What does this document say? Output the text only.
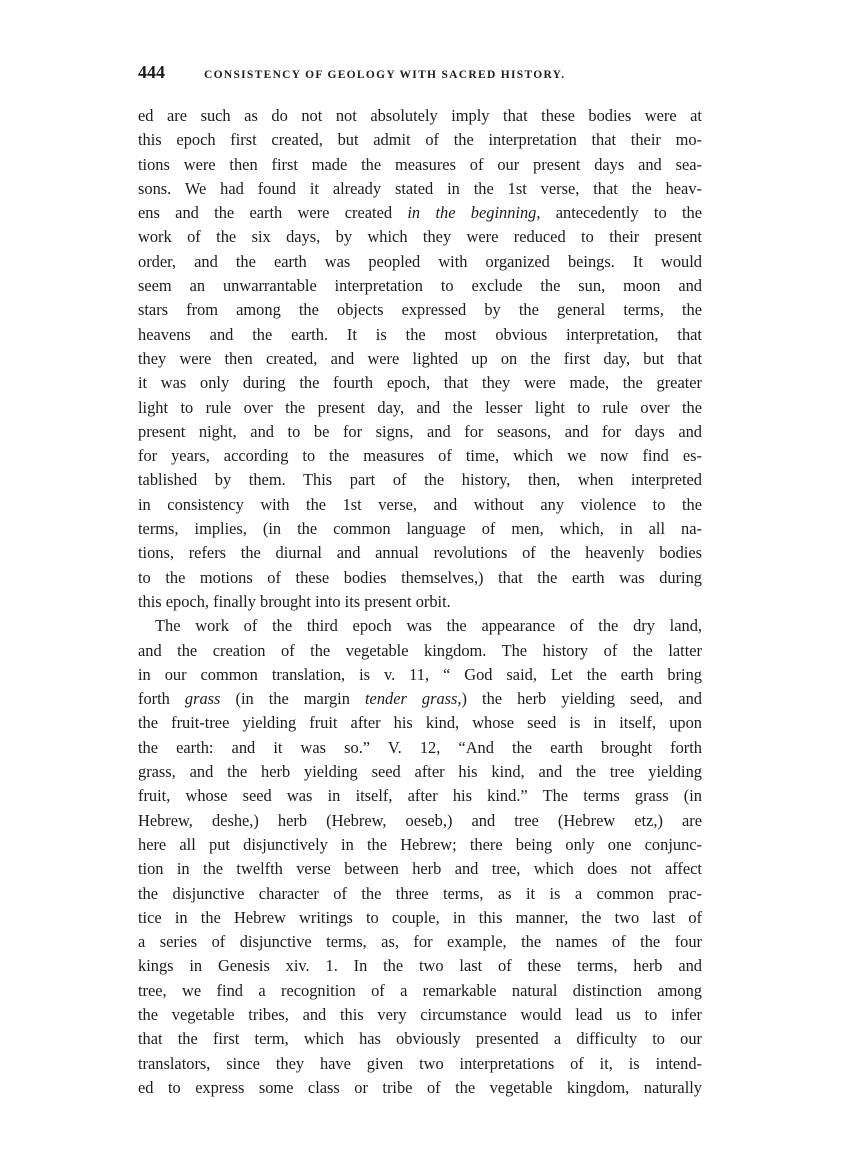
444	CONSISTENCY OF GEOLOGY WITH SACRED HISTORY.
ed are such as do not not absolutely imply that these bodies were at
this epoch first created, but admit of the interpretation that their mo-
tions were then first made the measures of our present days and sea-
sons. We had found it already stated in the 1st verse, that the heav-
ens and the earth were created in the beginning, antecedently to the
work of the six days, by which they were reduced to their present
order, and the earth was peopled with organized beings. It would
seem an unwarrantable interpretation to exclude the sun, moon and
stars from among the objects expressed by the general terms, the
heavens and the earth. It is the most obvious interpretation, that
they were then created, and were lighted up on the first day, but that
it was only during the fourth epoch, that they were made, the greater
light to rule over the present day, and the lesser light to rule over the
present night, and to be for signs, and for seasons, and for days and
for years, according to the measures of time, which we now find es-
tablished by them. This part of the history, then, when interpreted
in consistency with the 1st verse, and without any violence to the
terms, implies, (in the common language of men, which, in all na-
tions, refers the diurnal and annual revolutions of the heavenly bodies
to the motions of these bodies themselves,) that the earth was during
this epoch, finally brought into its present orbit.
The work of the third epoch was the appearance of the dry land,
and the creation of the vegetable kingdom. The history of the latter
in our common translation, is v. 11, “ God said, Let the earth bring
forth grass (in the margin tender grass,) the herb yielding seed, and
the fruit-tree yielding fruit after his kind, whose seed is in itself, upon
the earth: and it was so.” V. 12, “And the earth brought forth
grass, and the herb yielding seed after his kind, and the tree yielding
fruit, whose seed was in itself, after his kind.” The terms grass (in
Hebrew, deshe,) herb (Hebrew, oeseb,) and tree (Hebrew etz,) are
here all put disjunctively in the Hebrew; there being only one conjunc-
tion in the twelfth verse between herb and tree, which does not affect
the disjunctive character of the three terms, as it is a common prac-
tice in the Hebrew writings to couple, in this manner, the two last of
a series of disjunctive terms, as, for example, the names of the four
kings in Genesis xiv. 1. In the two last of these terms, herb and
tree, we find a recognition of a remarkable natural distinction among
the vegetable tribes, and this very circumstance would lead us to infer
that the first term, which has obviously presented a difficulty to our
translators, since they have given two interpretations of it, is intend-
ed to express some class or tribe of the vegetable kingdom, naturally
